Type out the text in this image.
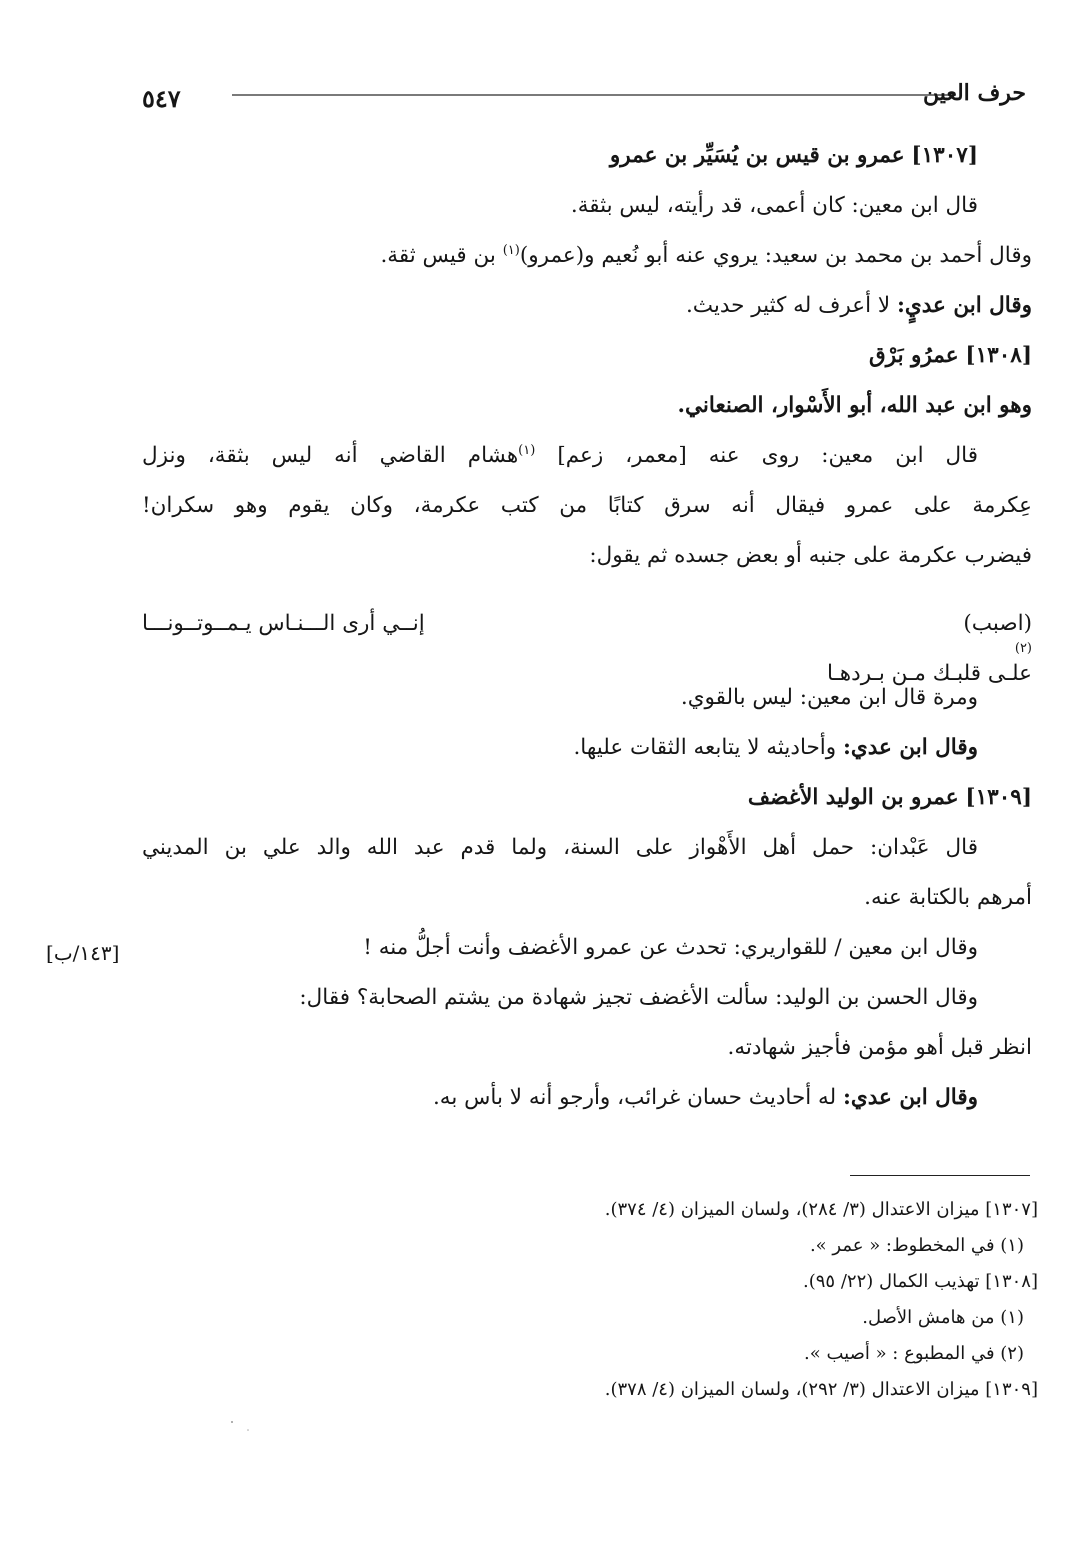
٥٤٧	حرف العين
[١٣٠٧] عمرو بن قيس بن يُسَيِّر بن عمرو
قال ابن معين: كان أعمى، قد رأيته، ليس بثقة.
وقال أحمد بن محمد بن سعيد: يروي عنه أبو نُعيم و(عمرو)$^{(١)}$ بن قيس ثقة.
وقال ابن عديٍ: لا أعرف له كثير حديث.
[١٣٠٨] عمرُو بَرْق
وهو ابن عبد الله، أبو الأَسْوار، الصنعاني.
قال ابن معين: روى عنه [معمر، زعم] $^{(١)}$هشام القاضي أنه ليس بثقة، ونزل
عِكرمة على عمرو فيقال أنه سرق كتابًا من كتب عكرمة، وكان يقوم وهو سكران!
فيضرب عكرمة على جنبه أو بعض جسده ثم يقول:
(اصبب)
(٢)
علـى قلبـك مـن بـردهـا
إنــي أرى الـــنـاس يـمــوتــونـــا
ومرة قال ابن معين: ليس بالقوي.
وقال ابن عدي: وأحاديثه لا يتابعه الثقات عليها.
[١٣٠٩] عمرو بن الوليد الأغضف
قال عَبْدان: حمل أهل الأَهْواز على السنة، ولما قدم عبد الله والد علي بن المديني
أمرهم بالكتابة عنه.
وقال ابن معين / للقواريري: تحدث عن عمرو الأغضف وأنت أجلُّ منه !
وقال الحسن بن الوليد: سألت الأغضف تجيز شهادة من يشتم الصحابة؟ فقال:
انظر قبل أهو مؤمن فأجيز شهادته.
وقال ابن عدي: له أحاديث حسان غرائب، وأرجو أنه لا بأس به.
[١٤٣/ب]
[١٣٠٧] ميزان الاعتدال (٣/ ٢٨٤)، ولسان الميزان (٤/ ٣٧٤).
(١) في المخطوط: « عمر ».
[١٣٠٨] تهذيب الكمال (٢٢/ ٩٥).
(١) من هامش الأصل.
(٢) في المطبوع : « أصيب ».
[١٣٠٩] ميزان الاعتدال (٣/ ٢٩٢)، ولسان الميزان (٤/ ٣٧٨).
